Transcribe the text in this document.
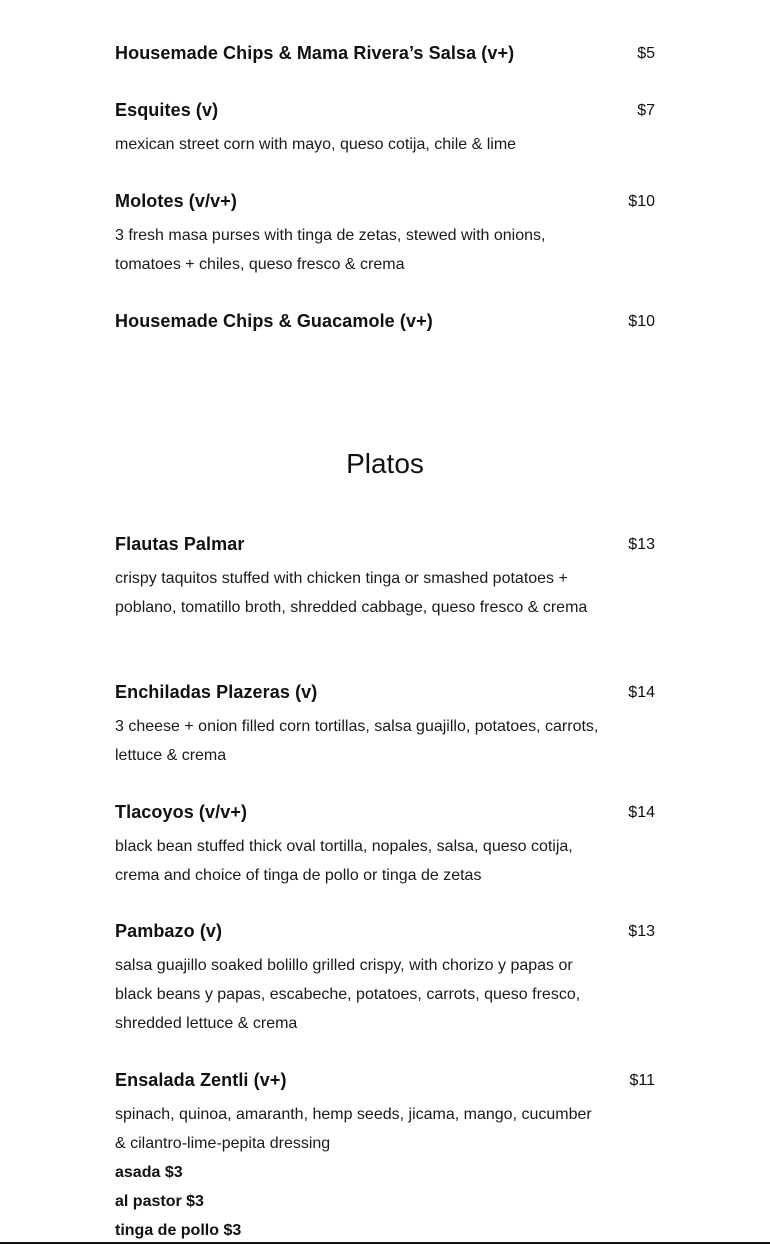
Housemade Chips & Mama Rivera’s Salsa (v+)	$5
Esquites (v)	$7
mexican street corn with mayo, queso cotija, chile & lime
Molotes (v/v+)	$10
3 fresh masa purses with tinga de zetas, stewed with onions, tomatoes + chiles, queso fresco & crema
Housemade Chips & Guacamole (v+)	$10
Platos
Flautas Palmar	$13
crispy taquitos stuffed with chicken tinga or smashed potatoes + poblano, tomatillo broth, shredded cabbage, queso fresco & crema
Enchiladas Plazeras (v)	$14
3 cheese + onion filled corn tortillas, salsa guajillo, potatoes, carrots, lettuce & crema
Tlacoyos (v/v+)	$14
black bean stuffed thick oval tortilla, nopales, salsa, queso cotija, crema and choice of tinga de pollo or tinga de zetas
Pambazo (v)	$13
salsa guajillo soaked bolillo grilled crispy, with chorizo y papas or black beans y papas, escabeche, potatoes, carrots, queso fresco, shredded lettuce & crema
Ensalada Zentli (v+)	$11
spinach, quinoa, amaranth, hemp seeds, jicama, mango, cucumber & cilantro-lime-pepita dressing
asada $3
al pastor $3
tinga de pollo $3
